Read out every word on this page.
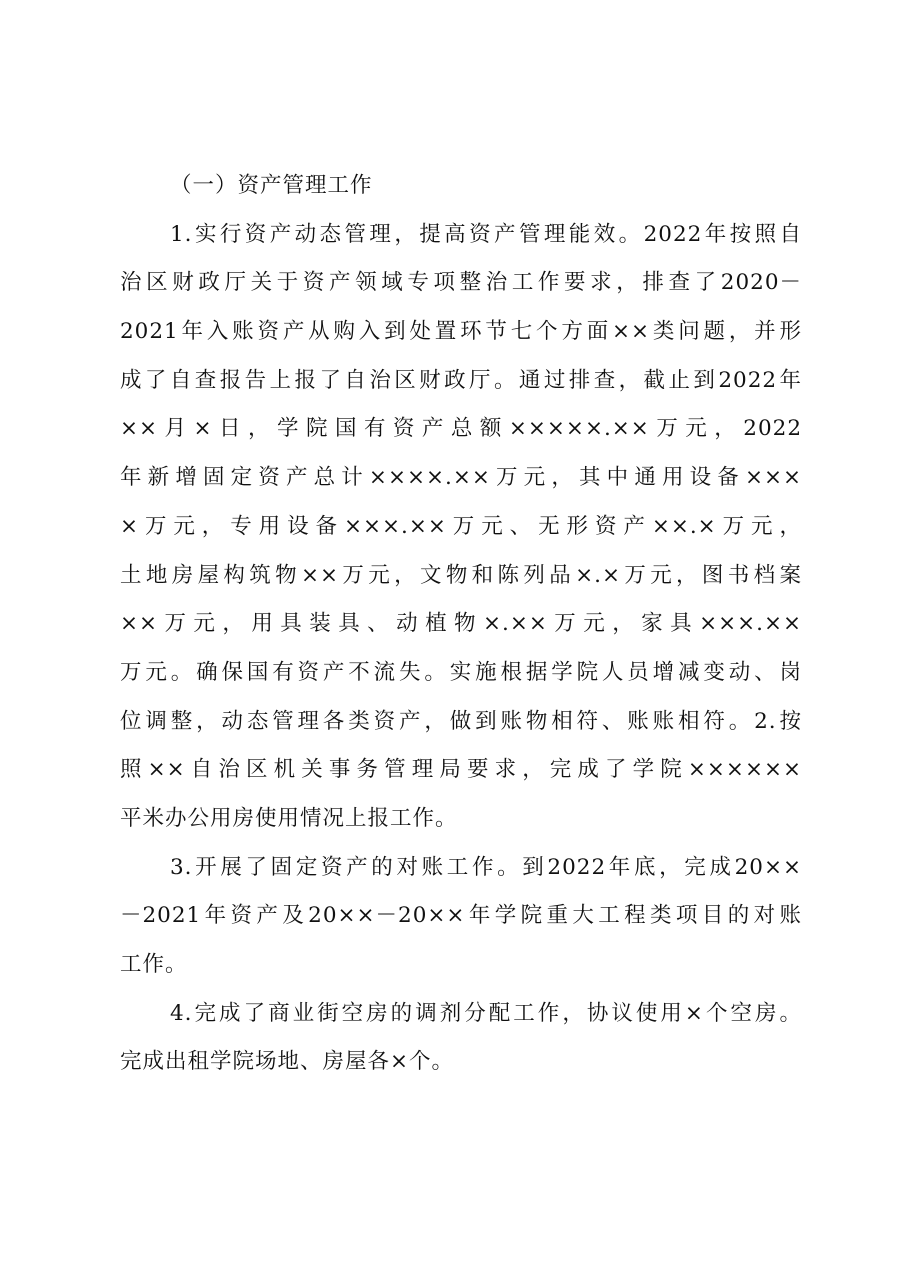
（一）资产管理工作
1.实行资产动态管理，提高资产管理能效。2022年按照自
治区财政厅关于资产领域专项整治工作要求，排查了2020－
2021年入账资产从购入到处置环节七个方面××类问题，并形
成了自查报告上报了自治区财政厅。通过排查，截止到2022年
××月×日，学院国有资产总额×××××.××万元，2022
年新增固定资产总计××××.××万元，其中通用设备×××
×万元，专用设备×××.××万元、无形资产××.×万元，
土地房屋构筑物××万元，文物和陈列品×.×万元，图书档案
××万元，用具装具、动植物×.××万元，家具×××.××
万元。确保国有资产不流失。实施根据学院人员增减变动、岗
位调整，动态管理各类资产，做到账物相符、账账相符。2.按
照××自治区机关事务管理局要求，完成了学院××××××
平米办公用房使用情况上报工作。
3.开展了固定资产的对账工作。到2022年底，完成20××
－2021年资产及20××－20××年学院重大工程类项目的对账
工作。
4.完成了商业街空房的调剂分配工作，协议使用×个空房。
完成出租学院场地、房屋各×个。
